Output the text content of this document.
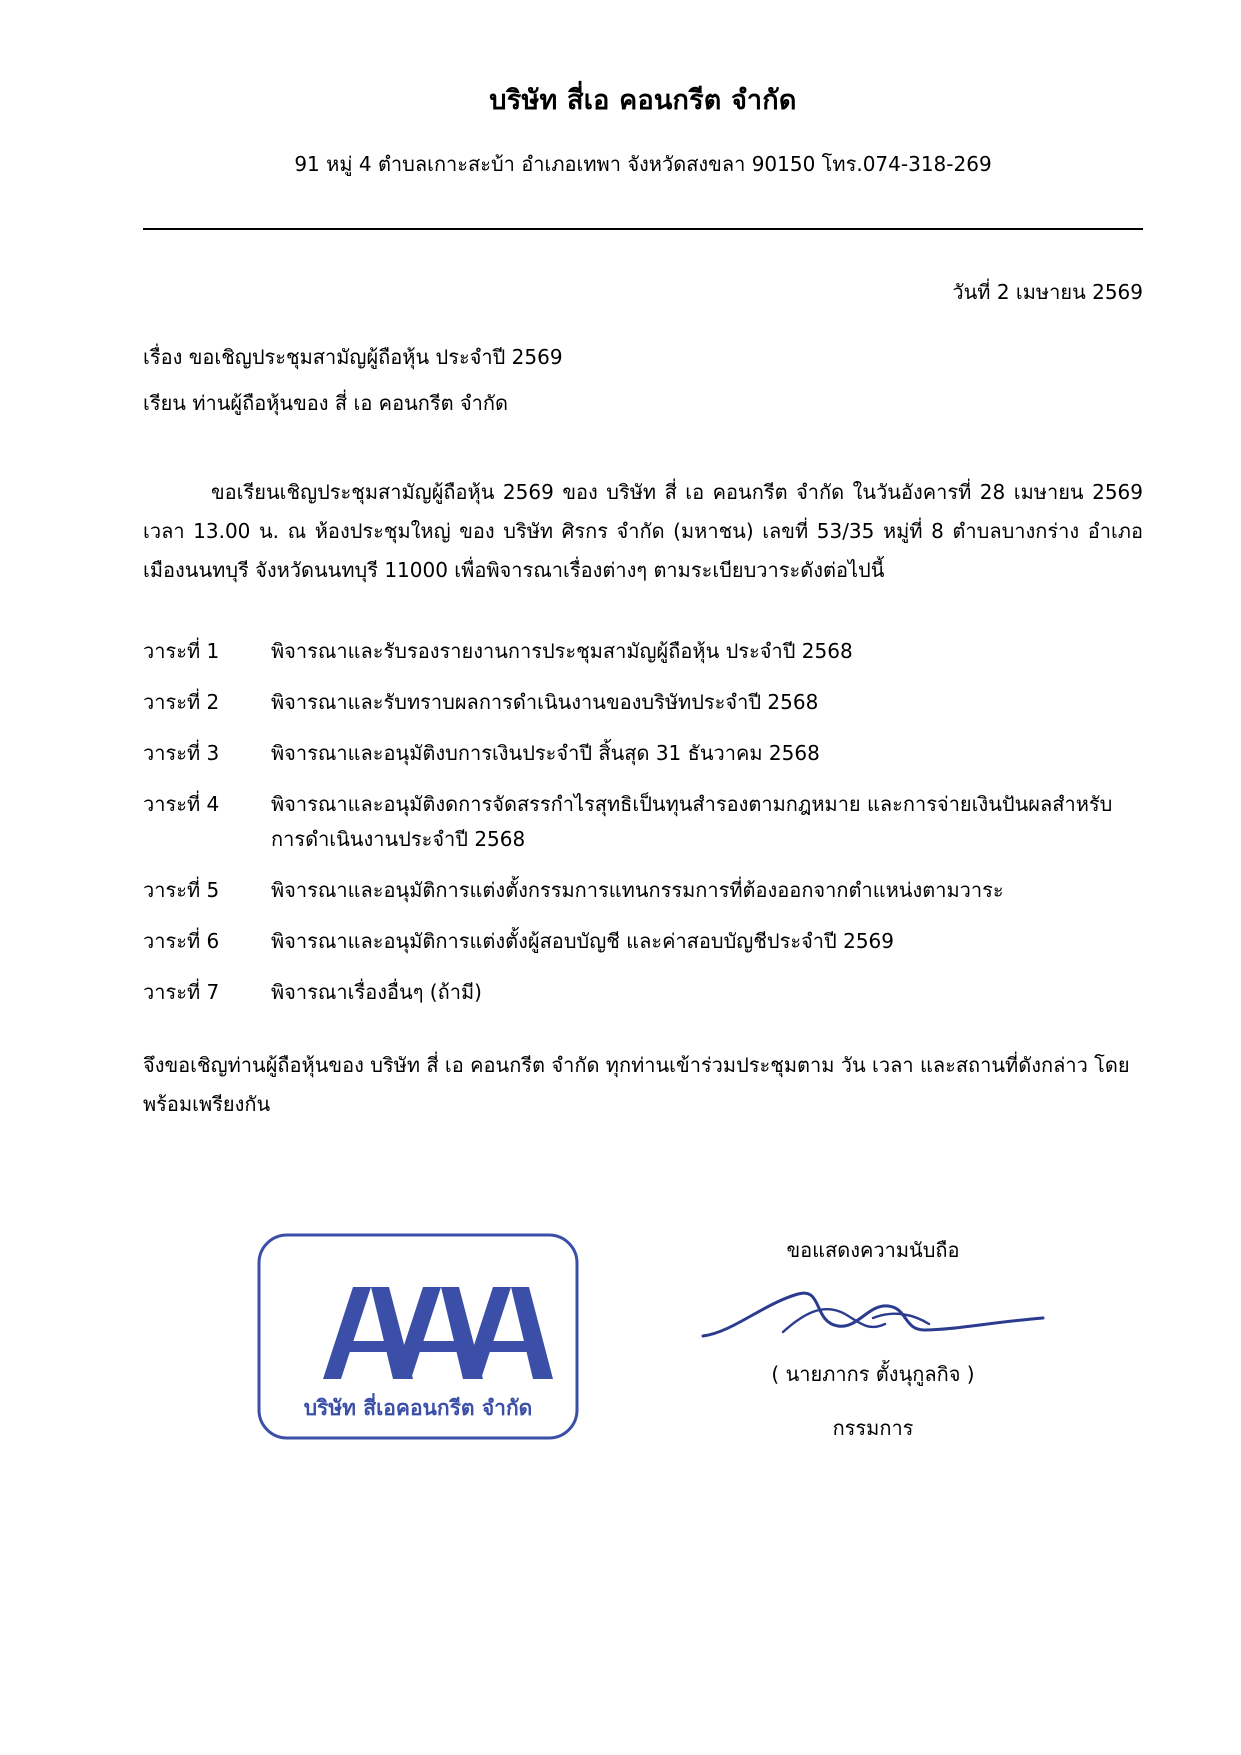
บริษัท สี่เอ คอนกรีต จำกัด
91 หมู่ 4 ตำบลเกาะสะบ้า อำเภอเทพา จังหวัดสงขลา 90150 โทร.074-318-269
วันที่ 2 เมษายน 2569
เรื่อง ขอเชิญประชุมสามัญผู้ถือหุ้น ประจำปี 2569
เรียน ท่านผู้ถือหุ้นของ สี่ เอ คอนกรีต จำกัด
ขอเรียนเชิญประชุมสามัญผู้ถือหุ้น 2569 ของ บริษัท สี่ เอ คอนกรีต จำกัด ในวันอังคารที่ 28 เมษายน 2569 เวลา 13.00 น. ณ ห้องประชุมใหญ่ ของ บริษัท ศิรกร จำกัด (มหาชน) เลขที่ 53/35 หมู่ที่ 8 ตำบลบางกร่าง อำเภอเมืองนนทบุรี จังหวัดนนทบุรี 11000 เพื่อพิจารณาเรื่องต่างๆ ตามระเบียบวาระดังต่อไปนี้
วาระที่ 1	พิจารณาและรับรองรายงานการประชุมสามัญผู้ถือหุ้น ประจำปี 2568
วาระที่ 2	พิจารณาและรับทราบผลการดำเนินงานของบริษัทประจำปี 2568
วาระที่ 3	พิจารณาและอนุมัติงบการเงินประจำปี สิ้นสุด 31 ธันวาคม 2568
วาระที่ 4	พิจารณาและอนุมัติงดการจัดสรรกำไรสุทธิเป็นทุนสำรองตามกฎหมาย และการจ่ายเงินปันผลสำหรับการดำเนินงานประจำปี 2568
วาระที่ 5	พิจารณาและอนุมัติการแต่งตั้งกรรมการแทนกรรมการที่ต้องออกจากตำแหน่งตามวาระ
วาระที่ 6	พิจารณาและอนุมัติการแต่งตั้งผู้สอบบัญชี และค่าสอบบัญชีประจำปี 2569
วาระที่ 7	พิจารณาเรื่องอื่นๆ (ถ้ามี)
จึงขอเชิญท่านผู้ถือหุ้นของ บริษัท สี่ เอ คอนกรีต จำกัด ทุกท่านเข้าร่วมประชุมตาม วัน เวลา และสถานที่ดังกล่าว โดยพร้อมเพรียงกัน
บริษัท สี่เอคอนกรีต จำกัด
ขอแสดงความนับถือ
( นายภากร ตั้งนุกูลกิจ )
กรรมการ
